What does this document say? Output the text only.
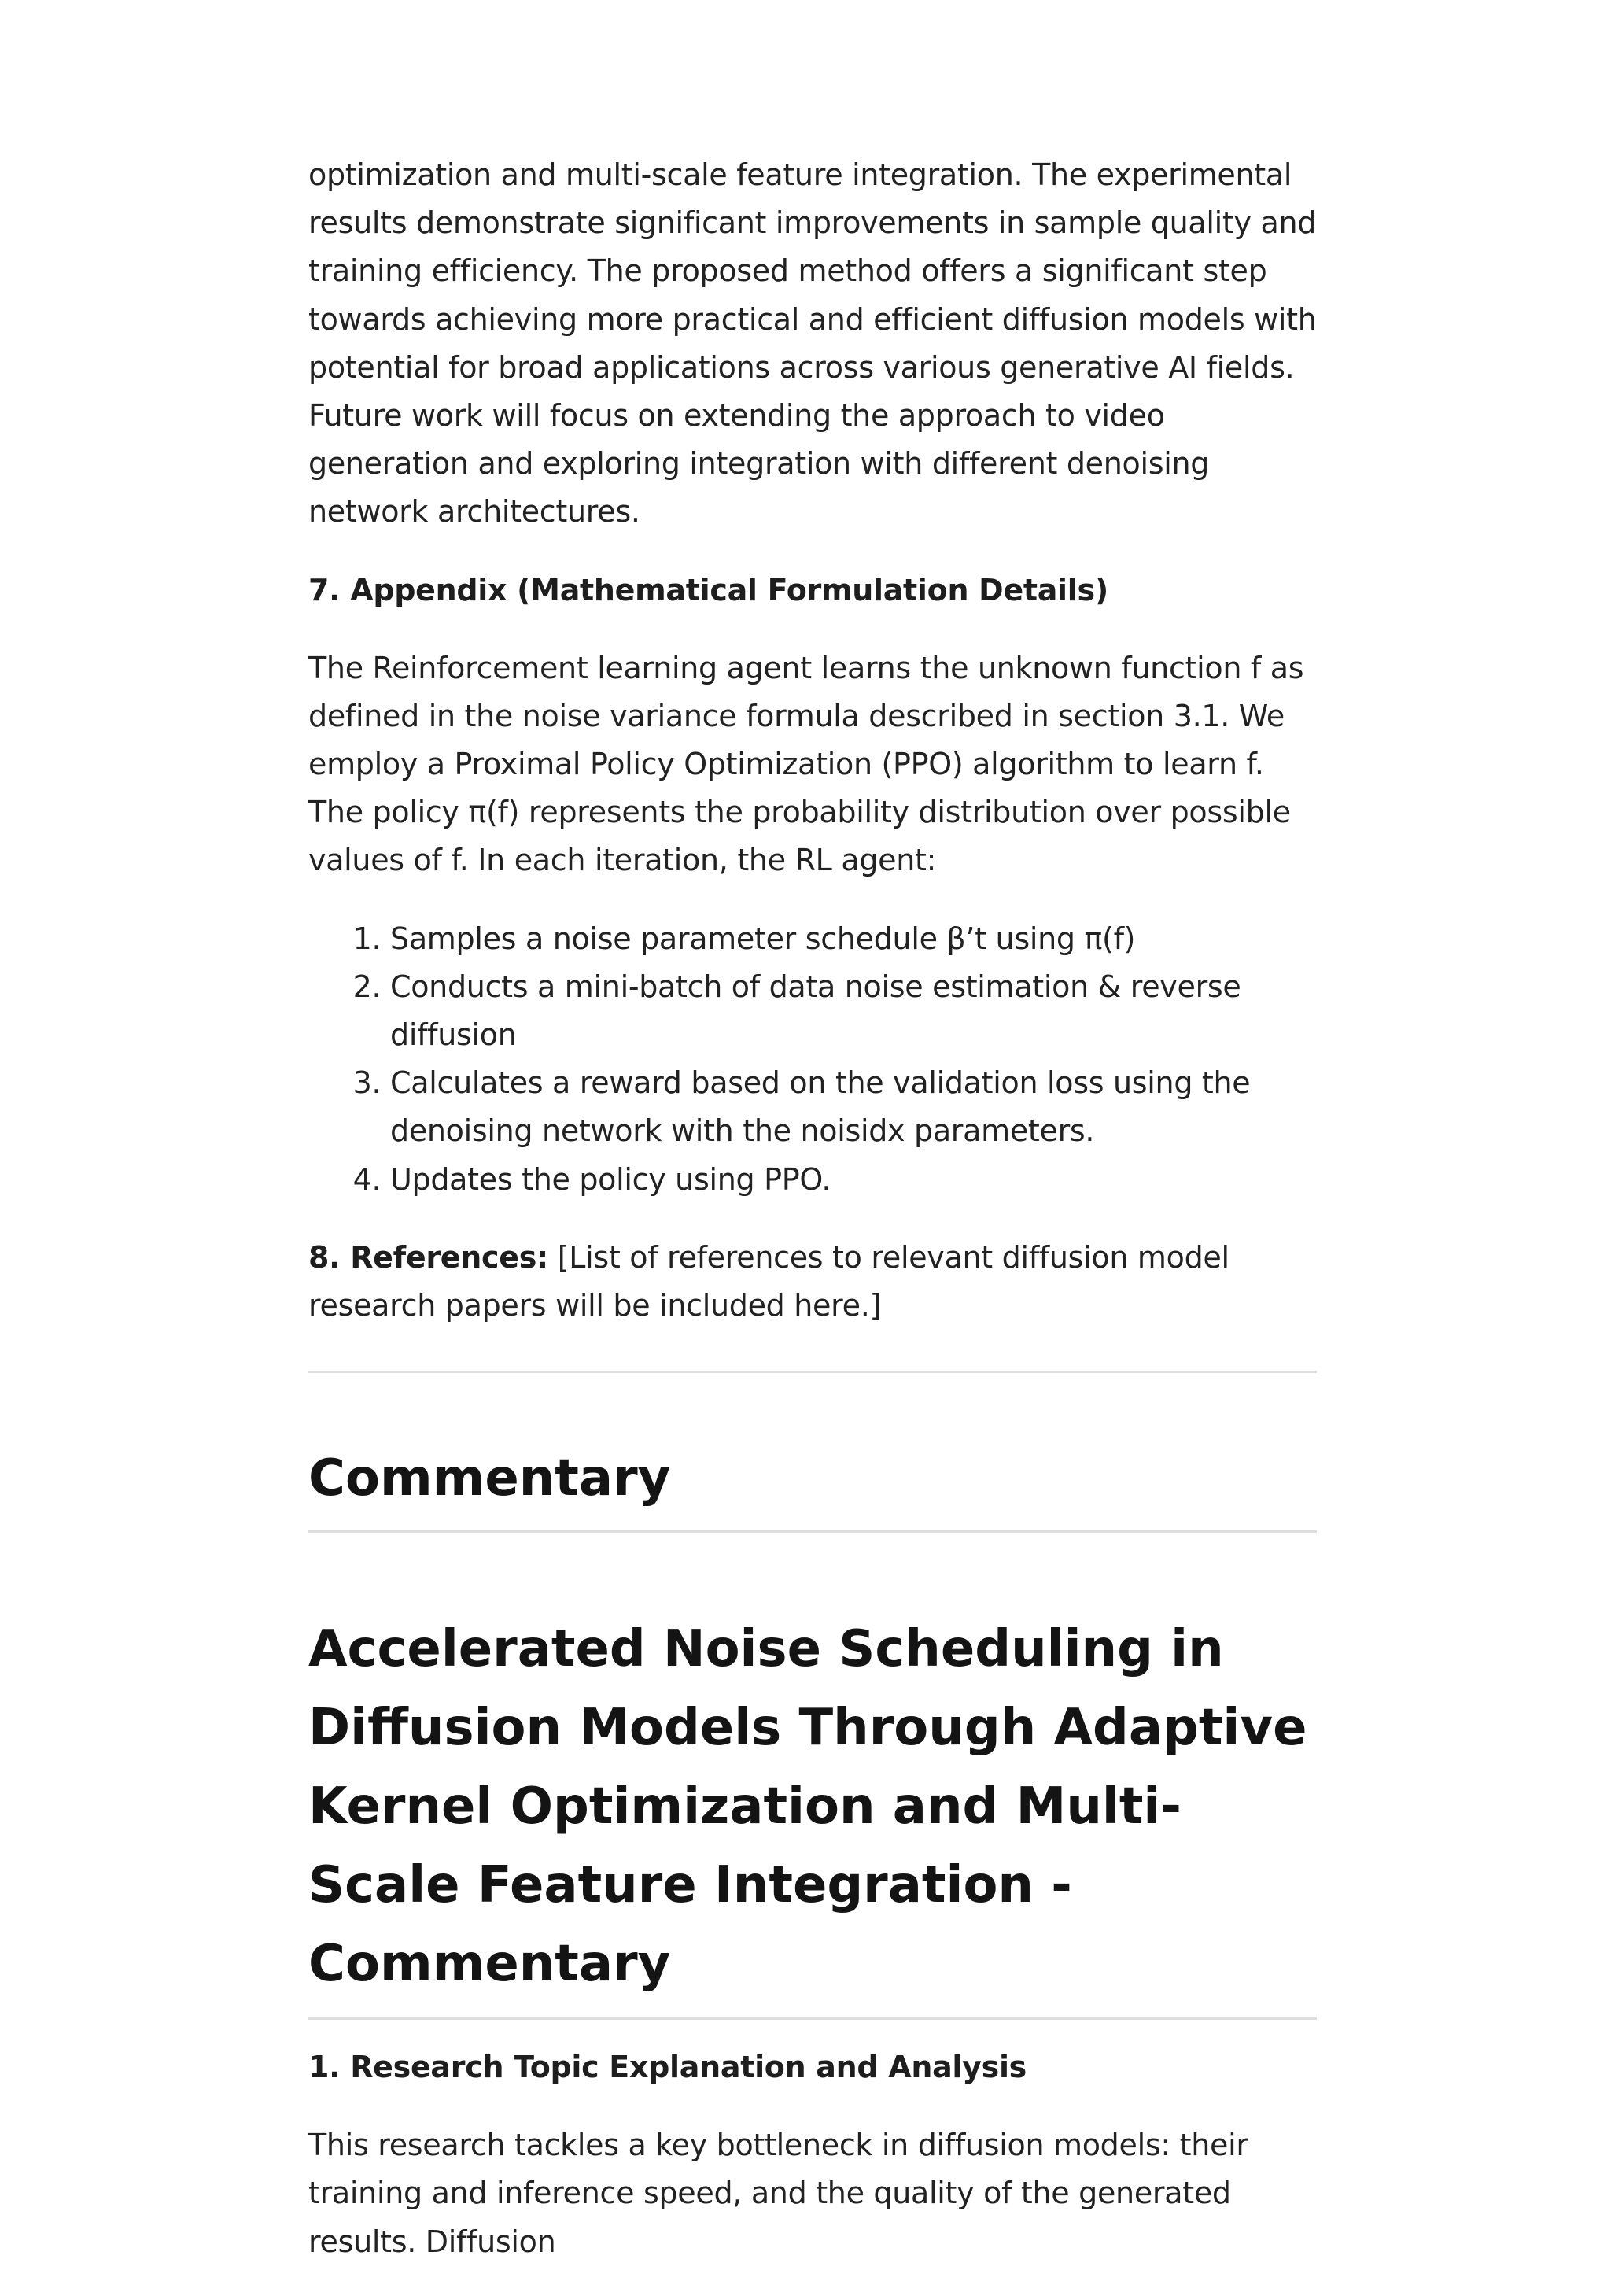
optimization and multi-scale feature integration. The experimental results demonstrate significant improvements in sample quality and training efficiency. The proposed method offers a significant step towards achieving more practical and efficient diffusion models with potential for broad applications across various generative AI fields. Future work will focus on extending the approach to video generation and exploring integration with different denoising network architectures.

7. Appendix (Mathematical Formulation Details)

The Reinforcement learning agent learns the unknown function f as defined in the noise variance formula described in section 3.1. We employ a Proximal Policy Optimization (PPO) algorithm to learn f. The policy π(f) represents the probability distribution over possible values of f. In each iteration, the RL agent:

1. Samples a noise parameter schedule β’t using π(f)
2. Conducts a mini-batch of data noise estimation & reverse diffusion
3. Calculates a reward based on the validation loss using the denoising network with the noisidx parameters.
4. Updates the policy using PPO.

8. References: [List of references to relevant diffusion model research papers will be included here.]

Commentary
Accelerated Noise Scheduling in Diffusion Models Through Adaptive Kernel Optimization and Multi-Scale Feature Integration - Commentary
1. Research Topic Explanation and Analysis

This research tackles a key bottleneck in diffusion models: their training and inference speed, and the quality of the generated results. Diffusion
